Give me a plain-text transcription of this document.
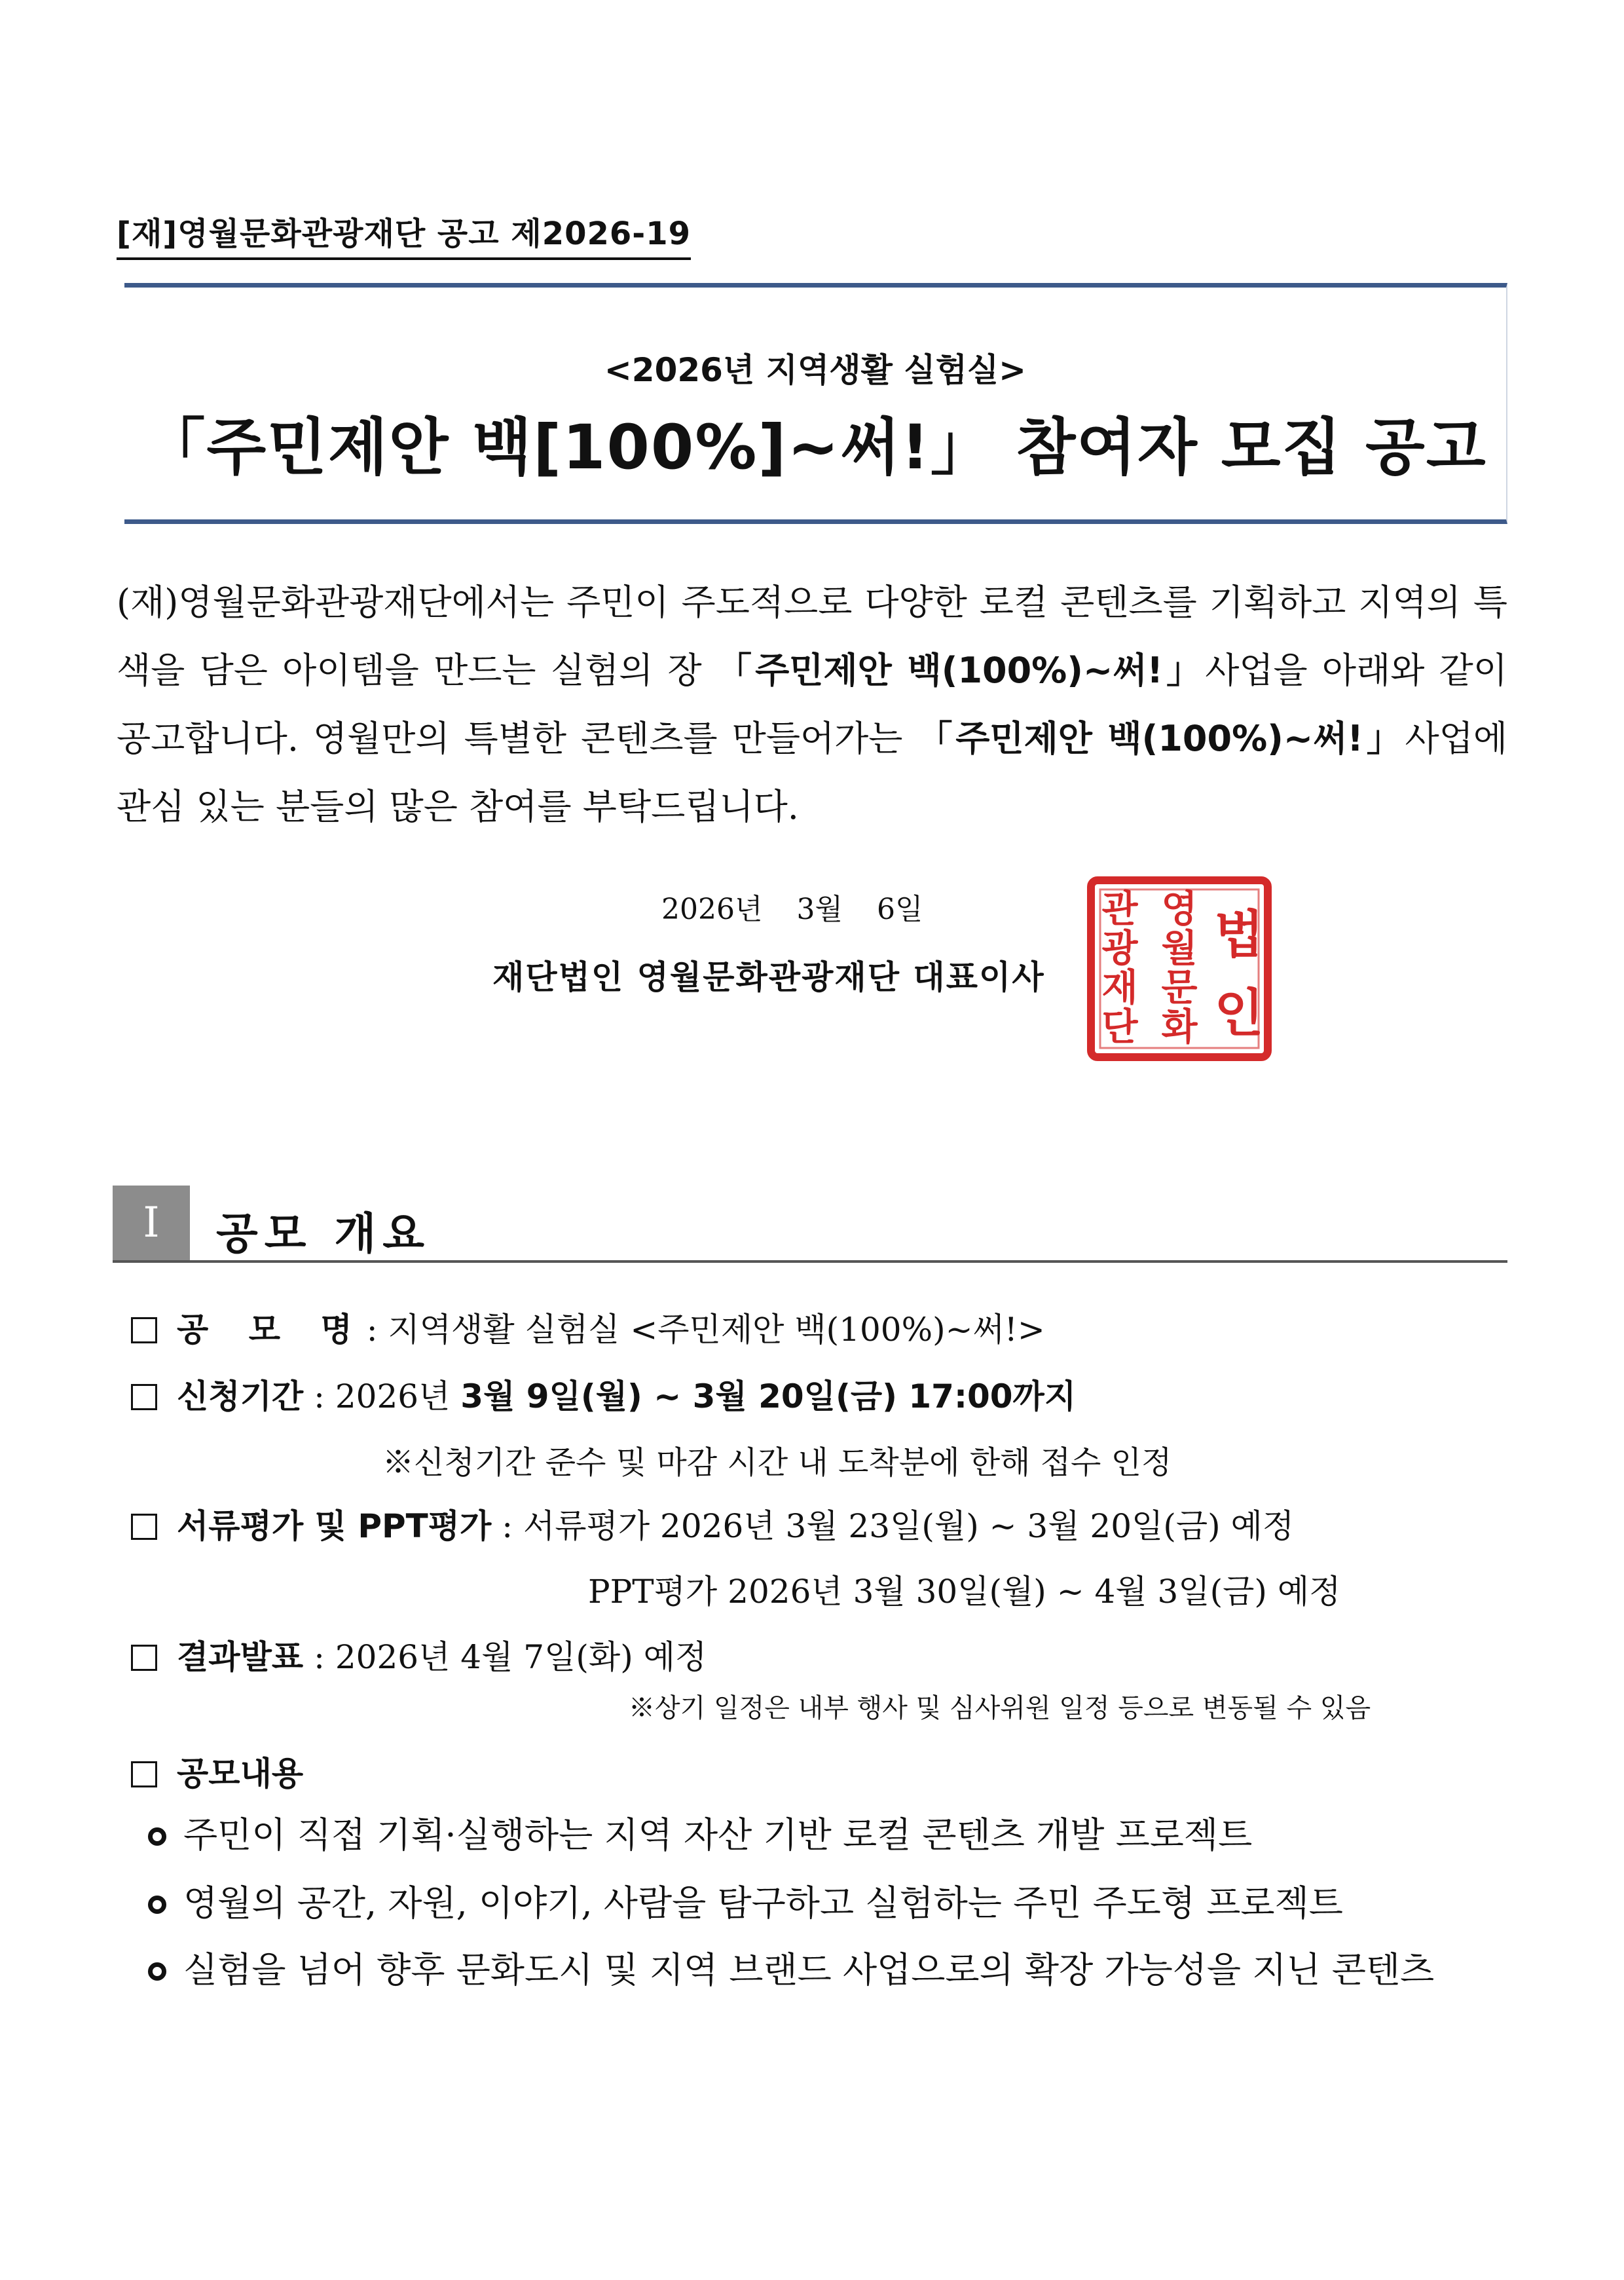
[재]영월문화관광재단 공고 제2026-19
<2026년 지역생활 실험실>
「주민제안 백[100%]~써!」 참여자 모집 공고
(재)영월문화관광재단에서는 주민이 주도적으로 다양한 로컬 콘텐츠를 기획하고 지역의 특색을 담은 아이템을 만드는 실험의 장 「주민제안 백(100%)~써!」사업을 아래와 같이 공고합니다. 영월만의 특별한 콘텐츠를 만들어가는 「주민제안 백(100%)~써!」사업에 관심 있는 분들의 많은 참여를 부탁드립니다.
2026년 3월 6일	법
인
영
월
문
화
관
광
재
단
재단법인 영월문화관광재단 대표이사
Ⅰ	공모 개요
공 모 명: 지역생활 실험실 <주민제안 백(100%)~써!>
신청기간 : 2026년 3월 9일(월) ~ 3월 20일(금) 17:00까지
※신청기간 준수 및 마감 시간 내 도착분에 한해 접수 인정
서류평가 및 PPT평가 : 서류평가 2026년 3월 23일(월) ~ 3월 20일(금) 예정
PPT평가 2026년 3월 30일(월) ~ 4월 3일(금) 예정
결과발표 : 2026년 4월 7일(화) 예정
※상기 일정은 내부 행사 및 심사위원 일정 등으로 변동될 수 있음
공모내용
주민이 직접 기획·실행하는 지역 자산 기반 로컬 콘텐츠 개발 프로젝트
영월의 공간, 자원, 이야기, 사람을 탐구하고 실험하는 주민 주도형 프로젝트
실험을 넘어 향후 문화도시 및 지역 브랜드 사업으로의 확장 가능성을 지닌 콘텐츠
